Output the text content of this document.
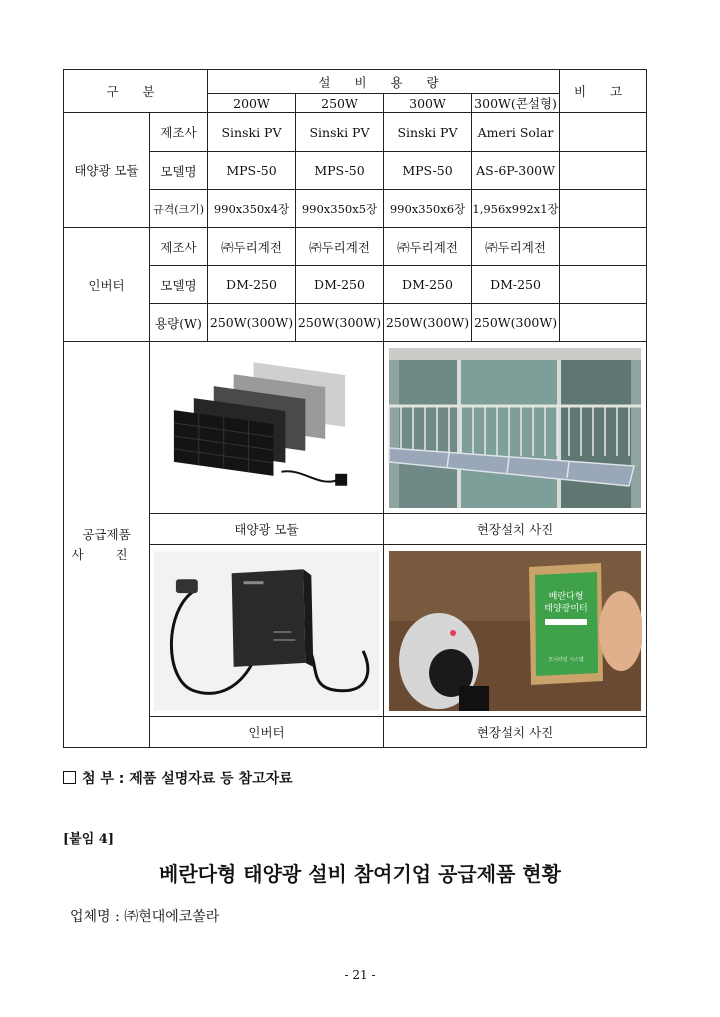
구 분		설 비 용 량				비 고	
		200W	250W	300W	300W(콘설형)		
태양광 모듈	제조사	Sinski PV	Sinski PV	Sinski PV	Ameri Solar		
	모델명	MPS-50	MPS-50	MPS-50	AS-6P-300W		
	규격(크기)	990x350x4장	990x350x5장	990x350x6장	1,956x992x1장		
인버터	제조사	㈜두리계전	㈜두리계전	㈜두리계전	㈜두리계전		
	모델명	DM-250	DM-250	DM-250	DM-250		
	용량(W)	250W(300W)	250W(300W)	250W(300W)	250W(300W)		

공급제품
사 진

	태양광 모듈			현장설치 사진			

베란다형
태양광미터
모니터링 시스템			

	인버터			현장설치 사진			
첨 부 : 제품 설명자료 등 참고자료
[붙임 4]
베란다형 태양광 설비 참여기업 공급제품 현황
업체명 : ㈜현대에코쏠라
- 21 -
